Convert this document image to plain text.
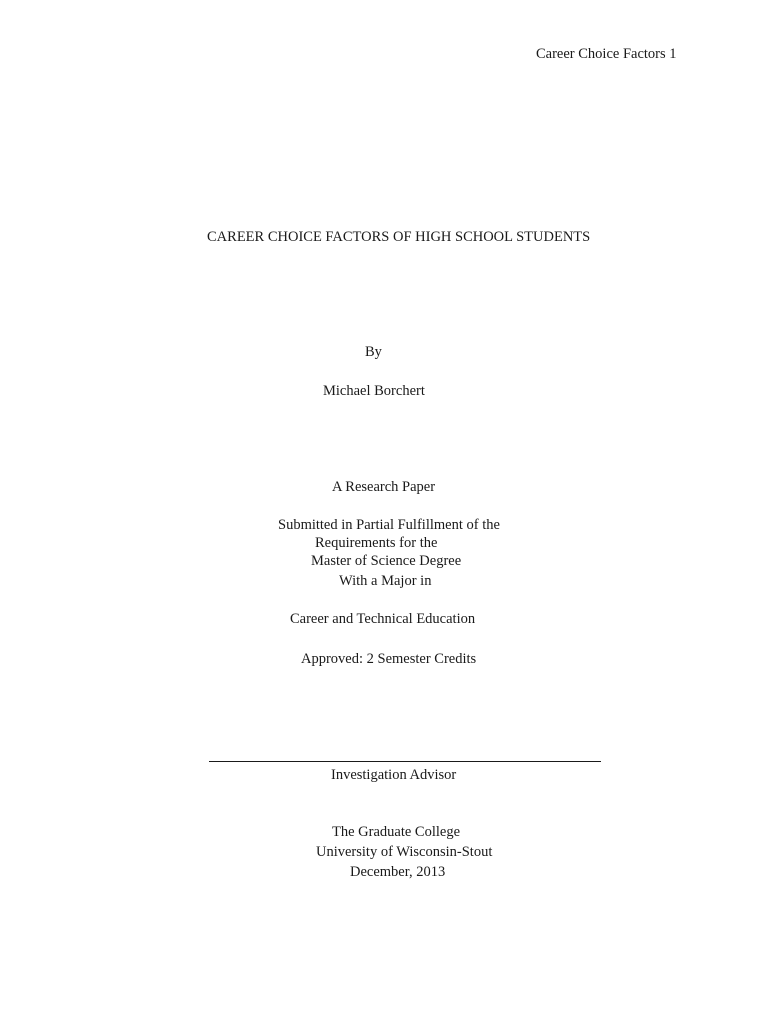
Career Choice Factors 1
CAREER CHOICE FACTORS OF HIGH SCHOOL STUDENTS
By
Michael Borchert
A Research Paper
Submitted in Partial Fulfillment of the
Requirements for the
Master of Science Degree
With a Major in
Career and Technical Education
Approved: 2 Semester Credits
Investigation Advisor
The Graduate College
University of Wisconsin-Stout
December, 2013
